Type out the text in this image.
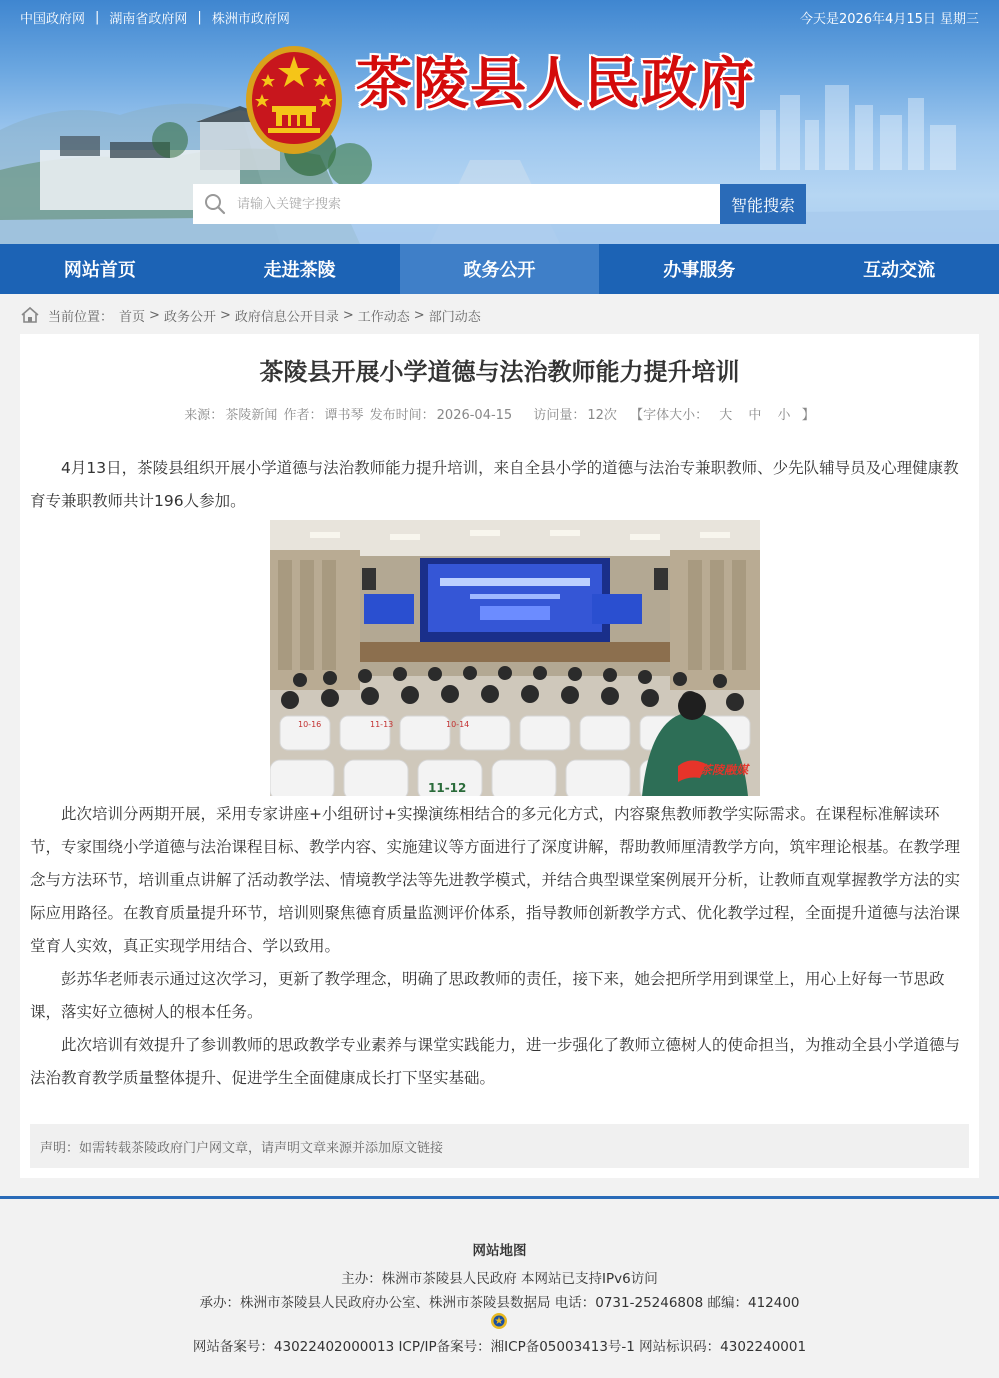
中国政府网 | 湖南省政府网 | 株洲市政府网	今天是2026年4月15日 星期三
茶陵县人民政府
请输入关键字搜索
智能搜索
网站首页	走进茶陵	政务公开	办事服务	互动交流
当前位置： 首页 > 政务公开 > 政府信息公开目录 > 工作动态 > 部门动态
茶陵县开展小学道德与法治教师能力提升培训
来源： 茶陵新闻 作者： 谭书琴 发布时间： 2026-04-15 访问量： 12次 【字体大小： 大 中 小 】

4月13日，茶陵县组织开展小学道德与法治教师能力提升培训，来自全县小学的道德与法治专兼职教师、少先队辅导员及心理健康教育专兼职教师共计196人参加。

10-16	11-13	10-14
11-12
茶陵融媒

此次培训分两期开展，采用专家讲座+小组研讨+实操演练相结合的多元化方式，内容聚焦教师教学实际需求。在课程标准解读环节，专家围绕小学道德与法治课程目标、教学内容、实施建议等方面进行了深度讲解，帮助教师厘清教学方向，筑牢理论根基。在教学理念与方法环节，培训重点讲解了活动教学法、情境教学法等先进教学模式，并结合典型课堂案例展开分析，让教师直观掌握教学方法的实际应用路径。在教育质量提升环节，培训则聚焦德育质量监测评价体系，指导教师创新教学方式、优化教学过程，全面提升道德与法治课堂育人实效，真正实现学用结合、学以致用。

彭苏华老师表示通过这次学习，更新了教学理念，明确了思政教师的责任，接下来，她会把所学用到课堂上，用心上好每一节思政课，落实好立德树人的根本任务。

此次培训有效提升了参训教师的思政教学专业素养与课堂实践能力，进一步强化了教师立德树人的使命担当，为推动全县小学道德与法治教育教学质量整体提升、促进学生全面健康成长打下坚实基础。

声明：如需转载茶陵政府门户网文章，请声明文章来源并添加原文链接
网站地图
主办：株洲市茶陵县人民政府 本网站已支持IPv6访问
承办：株洲市茶陵县人民政府办公室、株洲市茶陵县数据局 电话：0731-25246808 邮编：412400
网站备案号：43022402000013 ICP/IP备案号：湘ICP备05003413号-1 网站标识码：4302240001
